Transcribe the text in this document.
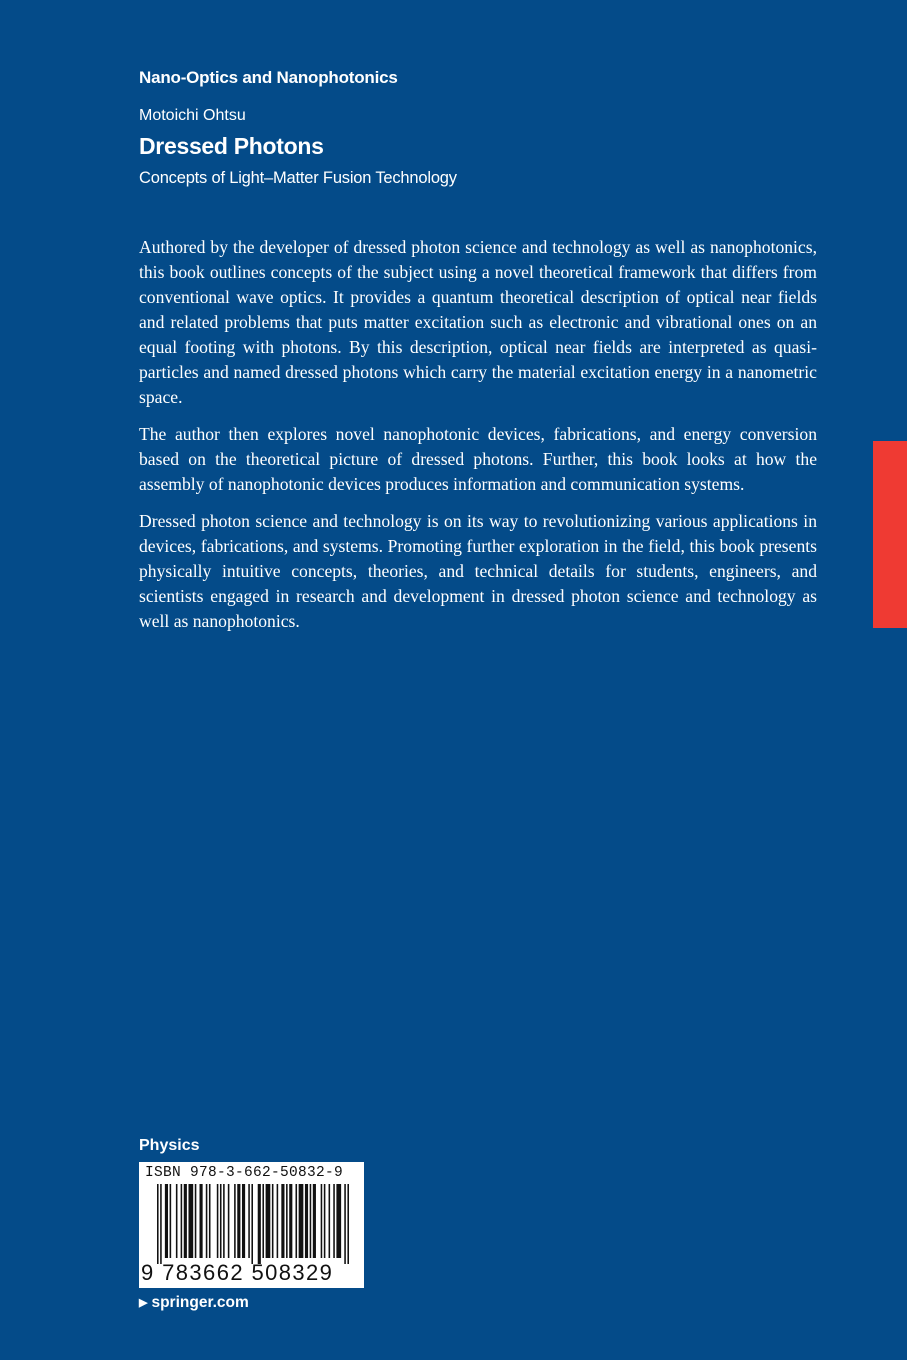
Nano-Optics and Nanophotonics
Motoichi Ohtsu
Dressed Photons
Concepts of Light–Matter Fusion Technology

Authored by the developer of dressed photon science and technology as well as nanophotonics, this book outlines concepts of the subject using a novel theoretical framework that differs from conventional wave optics. It provides a quantum theoretical description of optical near fields and related problems that puts matter excitation such as electronic and vibrational ones on an equal footing with photons. By this description, optical near fields are interpreted as quasi-particles and named dressed photons which carry the material excitation energy in a nanometric space.

The author then explores novel nanophotonic devices, fabrications, and energy conversion based on the theoretical picture of dressed photons. Further, this book looks at how the assembly of nanophotonic devices produces information and communication systems.

Dressed photon science and technology is on its way to revolutionizing various applications in devices, fabrications, and systems. Promoting further exploration in the field, this book presents physically intuitive concepts, theories, and technical details for students, engineers, and scientists engaged in research and development in dressed photon science and technology as well as nanophotonics.

Physics
ISBN 978-3-662-50832-9
9 783662 508329
▶ springer.com
